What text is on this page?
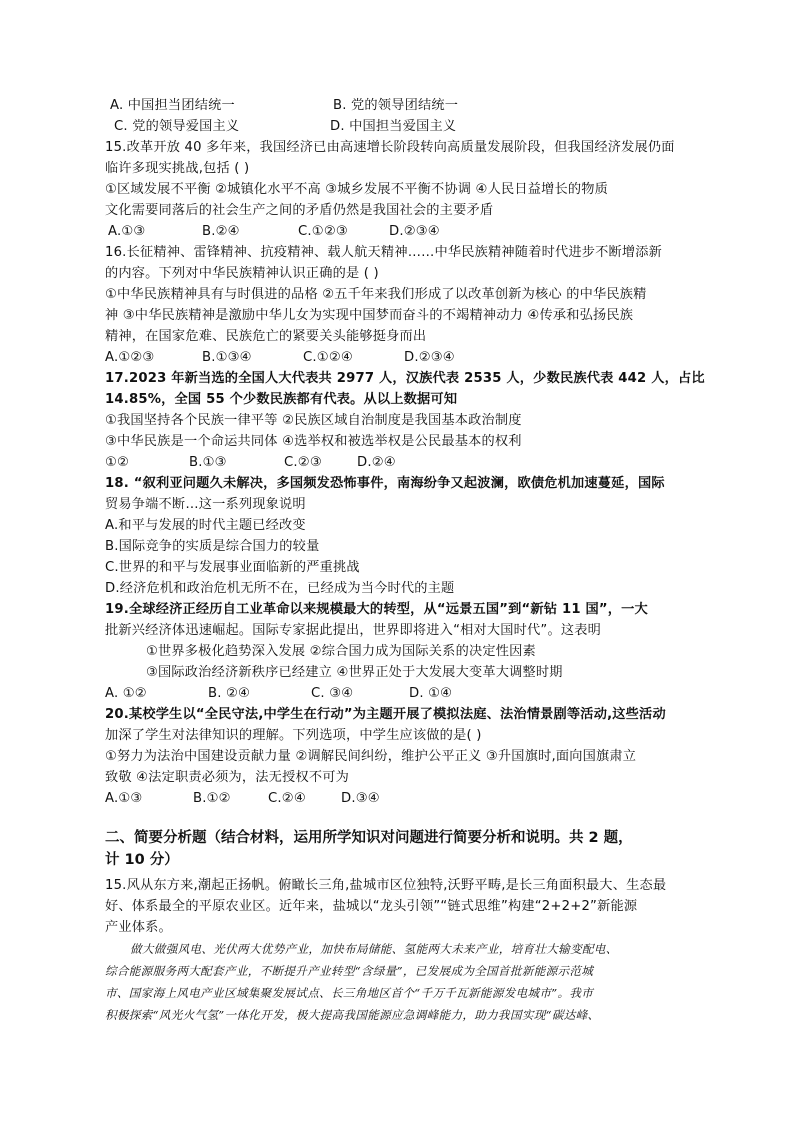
A. 中国担当团结统一	B. 党的领导团结统一
C. 党的领导爱国主义	D. 中国担当爱国主义
15.改革开放 40 多年来，我国经济已由高速增长阶段转向高质量发展阶段，但我国经济发展仍面
临许多现实挑战,包括 ( )
①区域发展不平衡 ②城镇化水平不高 ③城乡发展不平衡不协调 ④人民日益增长的物质
文化需要同落后的社会生产之间的矛盾仍然是我国社会的主要矛盾
A.①③	B.②④	C.①②③	D.②③④
16.长征精神、雷锋精神、抗疫精神、载人航天精神……中华民族精神随着时代进步不断增添新
的内容。下列对中华民族精神认识正确的是 ( )
①中华民族精神具有与时俱进的品格 ②五千年来我们形成了以改革创新为核心 的中华民族精
神 ③中华民族精神是激励中华儿女为实现中国梦而奋斗的不竭精神动力 ④传承和弘扬民族
精神，在国家危难、民族危亡的紧要关头能够挺身而出
A.①②③	B.①③④	C.①②④	D.②③④
17.2023 年新当选的全国人大代表共 2977 人，汉族代表 2535 人，少数民族代表 442 人，占比
14.85%，全国 55 个少数民族都有代表。从以上数据可知
①我国坚持各个民族一律平等 ②民族区域自治制度是我国基本政治制度
③中华民族是一个命运共同体 ④选举权和被选举权是公民最基本的权利
①②	B.①③	C.②③	D.②④
18. “叙利亚问题久未解决，多国频发恐怖事件，南海纷争又起波澜，欧债危机加速蔓延，国际
贸易争端不断…这一系列现象说明
A.和平与发展的时代主题已经改变
B.国际竞争的实质是综合国力的较量
C.世界的和平与发展事业面临新的严重挑战
D.经济危机和政治危机无所不在，已经成为当今时代的主题
19.全球经济正经历自工业革命以来规模最大的转型，从“远景五国”到“新钻 11 国”，一大
批新兴经济体迅速崛起。国际专家据此提出，世界即将进入“相对大国时代”。这表明
①世界多极化趋势深入发展 ②综合国力成为国际关系的决定性因素
③国际政治经济新秩序已经建立 ④世界正处于大发展大变革大调整时期
A. ①②	B. ②④	C. ③④	D. ①④
20.某校学生以“全民守法,中学生在行动”为主题开展了模拟法庭、法治情景剧等活动,这些活动
加深了学生对法律知识的理解。下列选项，中学生应该做的是( )
①努力为法治中国建设贡献力量 ②调解民间纠纷，维护公平正义 ③升国旗时,面向国旗肃立
致敬 ④法定职责必须为，法无授权不可为
A.①③	B.①②	C.②④	D.③④
二、简要分析题（结合材料，运用所学知识对问题进行简要分析和说明。共 2 题，
计 10 分）
15.风从东方来,潮起正扬帆。俯瞰长三角,盐城市区位独特,沃野平畴,是长三角面积最大、生态最
好、体系最全的平原农业区。近年来，盐城以“龙头引领”“链式思维”构建“2+2+2”新能源
产业体系。
做大做强风电、光伏两大优势产业，加快布局储能、氢能两大未来产业，培育壮大输变配电、
综合能源服务两大配套产业，不断提升产业转型“含绿量”，已发展成为全国首批新能源示范城
市、国家海上风电产业区域集聚发展试点、长三角地区首个“千万千瓦新能源发电城市”。我市
积极探索“风光火气氢”一体化开发，极大提高我国能源应急调峰能力，助力我国实现“碳达峰、
